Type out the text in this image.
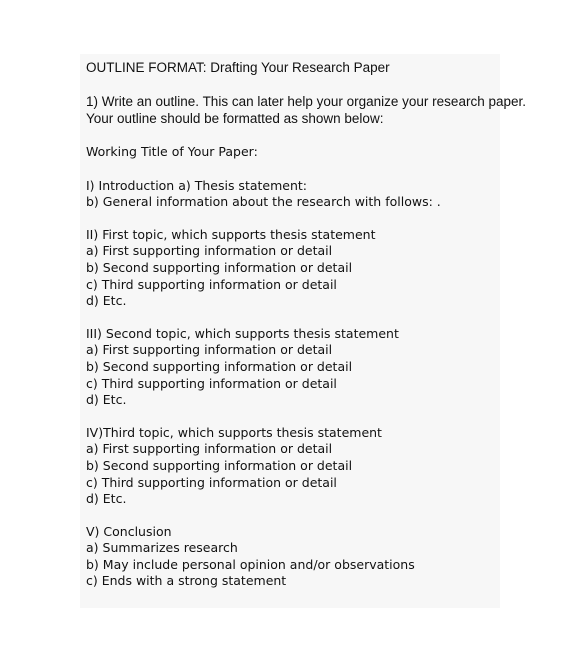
OUTLINE FORMAT: Drafting Your Research Paper
1) Write an outline. This can later help your organize your research paper.
Your outline should be formatted as shown below:
Working Title of Your Paper:
I) Introduction a) Thesis statement:
b) General information about the research with follows: .
II) First topic, which supports thesis statement
a) First supporting information or detail
b) Second supporting information or detail
c) Third supporting information or detail
d) Etc.
III) Second topic, which supports thesis statement
a) First supporting information or detail
b) Second supporting information or detail
c) Third supporting information or detail
d) Etc.
IV)Third topic, which supports thesis statement
a) First supporting information or detail
b) Second supporting information or detail
c) Third supporting information or detail
d) Etc.
V) Conclusion
a) Summarizes research
b) May include personal opinion and/or observations
c) Ends with a strong statement
